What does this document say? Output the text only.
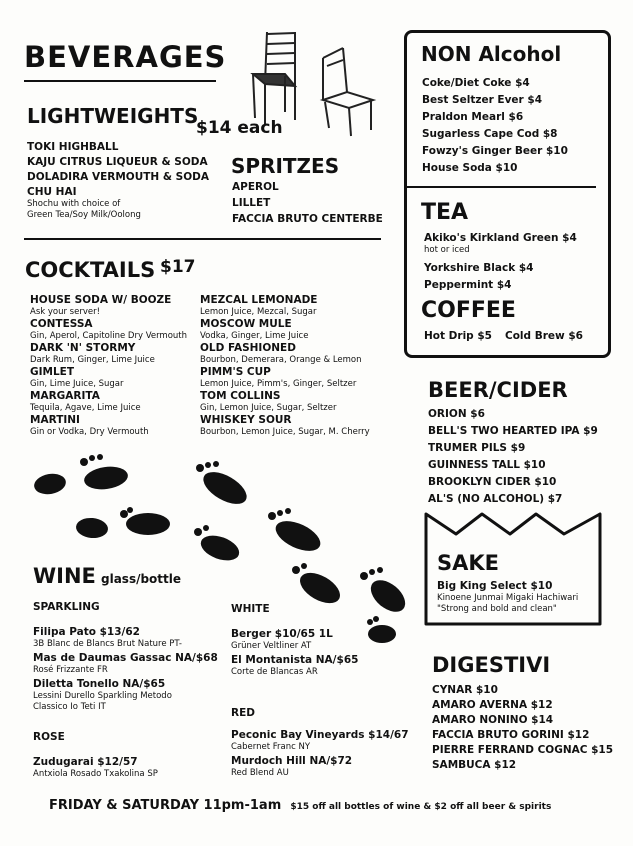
BEVERAGES
LIGHTWEIGHTS
$14 each
TOKI HIGHBALL
KAJU CITRUS LIQUEUR & SODA
DOLADIRA VERMOUTH & SODA
CHU HAI
Shochu with choice of
Green Tea/Soy Milk/Oolong
SPRITZES
APEROL
LILLET
FACCIA BRUTO CENTERBE
NON Alcohol
Coke/Diet Coke $4
Best Seltzer Ever $4
Praldon Mearl $6
Sugarless Cape Cod $8
Fowzy's Ginger Beer $10
House Soda $10
TEA
Akiko's Kirkland Green $4
hot or iced
Yorkshire Black $4
Peppermint $4
COFFEE
Hot Drip $5 Cold Brew $6
COCKTAILS $17
HOUSE SODA W/ BOOZE
Ask your server!
CONTESSA
Gin, Aperol, Capitoline Dry Vermouth
DARK 'N' STORMY
Dark Rum, Ginger, Lime Juice
GIMLET
Gin, Lime Juice, Sugar
MARGARITA
Tequila, Agave, Lime Juice
MARTINI
Gin or Vodka, Dry Vermouth
MEZCAL LEMONADE
Lemon Juice, Mezcal, Sugar
MOSCOW MULE
Vodka, Ginger, Lime Juice
OLD FASHIONED
Bourbon, Demerara, Orange & Lemon
PIMM'S CUP
Lemon Juice, Pimm's, Ginger, Seltzer
TOM COLLINS
Gin, Lemon Juice, Sugar, Seltzer
WHISKEY SOUR
Bourbon, Lemon Juice, Sugar, M. Cherry
BEER/CIDER
ORION $6
BELL'S TWO HEARTED IPA $9
TRUMER PILS $9
GUINNESS TALL $10
BROOKLYN CIDER $10
AL'S (NO ALCOHOL) $7
SAKE
Big King Select $10
Kinoene Junmai Migaki Hachiwari
"Strong and bold and clean"
WINE glass/bottle
SPARKLING
Filipa Pato $13/62
3B Blanc de Blancs Brut Nature PT-
Mas de Daumas Gassac NA/$68
Rosé Frizzante FR
Diletta Tonello NA/$65
Lessini Durello Sparkling Metodo
Classico Io Teti IT
ROSE
Zudugarai $12/57
Antxiola Rosado Txakolina SP
WHITE
Berger $10/65 1L
Grüner Veltliner AT
El Montanista NA/$65
Corte de Blancas AR
RED
Peconic Bay Vineyards $14/67
Cabernet Franc NY
Murdoch Hill NA/$72
Red Blend AU
DIGESTIVI
CYNAR $10
AMARO AVERNA $12
AMARO NONINO $14
FACCIA BRUTO GORINI $12
PIERRE FERRAND COGNAC $15
SAMBUCA $12
FRIDAY & SATURDAY 11pm-1am $15 off all bottles of wine & $2 off all beer & spirits
